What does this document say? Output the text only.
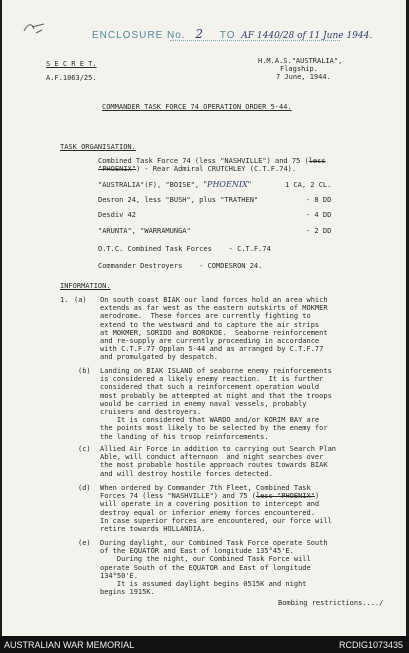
ENCLOSURE No. 2 TO AF 1440/28 of 11 June 1944.
S E C R E T.
A.F.1063/25.
H.M.A.S."AUSTRALIA",
Flagship.
7 June, 1944.
COMMANDER TASK FORCE 74 OPERATION ORDER 5-44.
TASK ORGANISATION.
Combined Task Force 74 (less "NASHVILLE") and 75 (less
"PHOENIX") - Rear Admiral CRUTCHLEY (C.T.F.74).
"AUSTRALIA"(F), "BOISE", "PHOENIX"	1 CA, 2 CL.
Desron 24, less "BUSH", plus "TRATHEN"	- 8 DD
Desdiv 42	- 4 DD
"ARUNTA", "WARRAMUNGA"	- 2 DD
O.T.C. Combined Task Forces    - C.T.F.74
Commander Destroyers    - COMDESRON 24.
INFORMATION.
1. (a) On south coast BIAK our land forces hold an area which
extends as far west as the eastern outskirts of MOKMER
aerodrome.  These forces are currently fighting to
extend to the westward and to capture the air strips
at MOKMER, SORIDO and BOROKOE.  Seaborne reinforcement
and re-supply are currently proceeding in accordance
with C.T.F.77 Opplan 5-44 and as arranged by C.T.F.77
and promulgated by despatch.
(b) Landing on BIAK ISLAND of seaborne enemy reinforcements
is considered a likely enemy reaction.  It is further
considered that such a reinforcement operation would
most probably be attempted at night and that the troops
would be carried in enemy naval vessels, probably
cruisers and destroyers.
It is considered that WARDO and/or KORIM BAY are
the points most likely to be selected by the enemy for
the landing of his troop reinforcements.
(c) Allied Air Force in addition to carrying out Search Plan
Able, will conduct afternoon  and night searches over
the most probable hostile approach routes towards BIAK
and will destroy hostile forces detected.
(d) When ordered by Commander 7th Fleet, Combined Task
Forces 74 (less "NASHVILLE") and 75 (less "PHOENIX")
will operate in a covering position to intercept and
destroy equal or inferior enemy forces encountered.
In case superior forces are encountered, our force will
retire towards HOLLANDIA.
(e) During daylight, our Combined Task Force operate South
of the EQUATOR and East of longitude 135°45'E.
During the night, our Combined Task Force will
operate South of the EQUATOR and East of longitude
134°50'E.
It is assumed daylight begins 0515K and night
begins 1915K.
Bombing restrictions..../
AUSTRALIAN WAR MEMORIAL	RCDIG1073435
